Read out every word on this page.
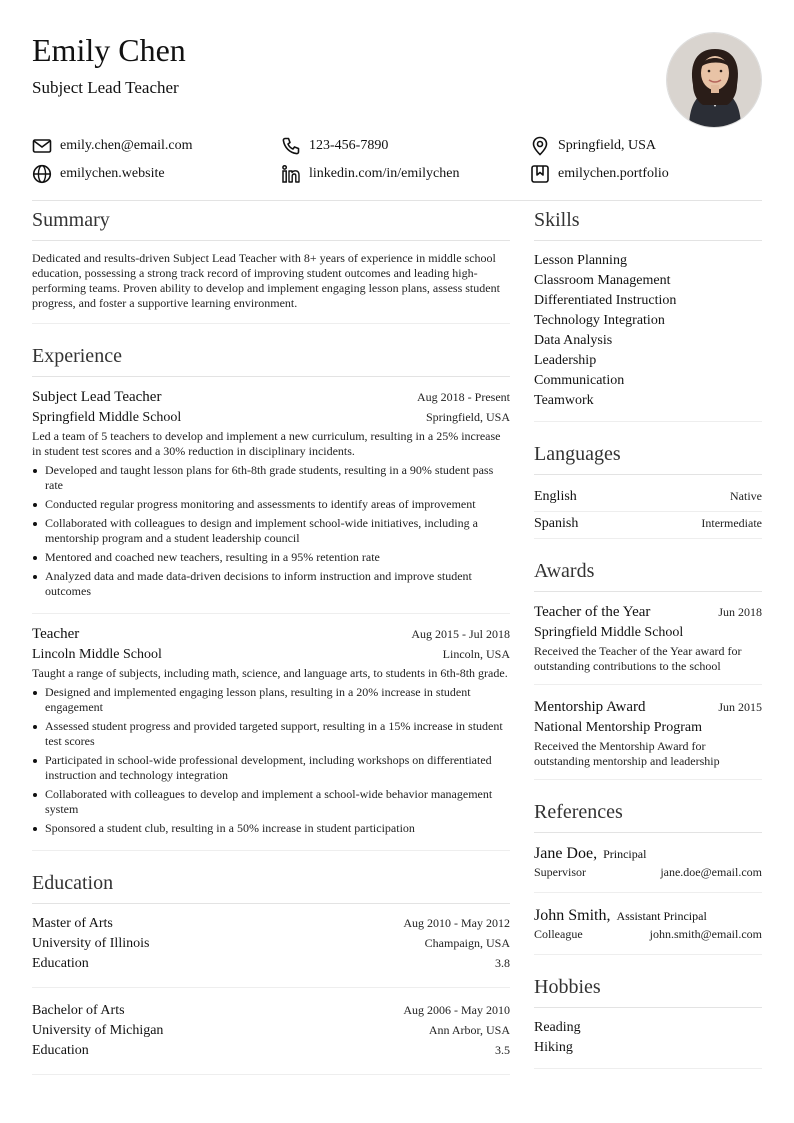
Emily Chen
Subject Lead Teacher
emily.chen@email.com	123-456-7890	Springfield, USA
emilychen.website	linkedin.com/in/emilychen	emilychen.portfolio
Summary
Dedicated and results-driven Subject Lead Teacher with 8+ years of experience in middle school education, possessing a strong track record of improving student outcomes and leading high-performing teams. Proven ability to develop and implement engaging lesson plans, assess student progress, and foster a supportive learning environment.
Experience
Subject Lead Teacher	Aug 2018 - Present
Springfield Middle School	Springfield, USA
Led a team of 5 teachers to develop and implement a new curriculum, resulting in a 25% increase in student test scores and a 30% reduction in disciplinary incidents.
Developed and taught lesson plans for 6th-8th grade students, resulting in a 90% student pass rate
Conducted regular progress monitoring and assessments to identify areas of improvement
Collaborated with colleagues to design and implement school-wide initiatives, including a mentorship program and a student leadership council
Mentored and coached new teachers, resulting in a 95% retention rate
Analyzed data and made data-driven decisions to inform instruction and improve student outcomes
Teacher	Aug 2015 - Jul 2018
Lincoln Middle School	Lincoln, USA
Taught a range of subjects, including math, science, and language arts, to students in 6th-8th grade.
Designed and implemented engaging lesson plans, resulting in a 20% increase in student engagement
Assessed student progress and provided targeted support, resulting in a 15% increase in student test scores
Participated in school-wide professional development, including workshops on differentiated instruction and technology integration
Collaborated with colleagues to develop and implement a school-wide behavior management system
Sponsored a student club, resulting in a 50% increase in student participation
Education
Master of Arts	Aug 2010 - May 2012
University of Illinois	Champaign, USA
Education	3.8
Bachelor of Arts	Aug 2006 - May 2010
University of Michigan	Ann Arbor, USA
Education	3.5
Skills
Lesson Planning
Classroom Management
Differentiated Instruction
Technology Integration
Data Analysis
Leadership
Communication
Teamwork
Languages
English	Native
Spanish	Intermediate
Awards
Teacher of the Year	Jun 2018
Springfield Middle School
Received the Teacher of the Year award for outstanding contributions to the school
Mentorship Award	Jun 2015
National Mentorship Program
Received the Mentorship Award for outstanding mentorship and leadership
References
Jane Doe, Principal
Supervisor	jane.doe@email.com
John Smith, Assistant Principal
Colleague	john.smith@email.com
Hobbies
Reading
Hiking
